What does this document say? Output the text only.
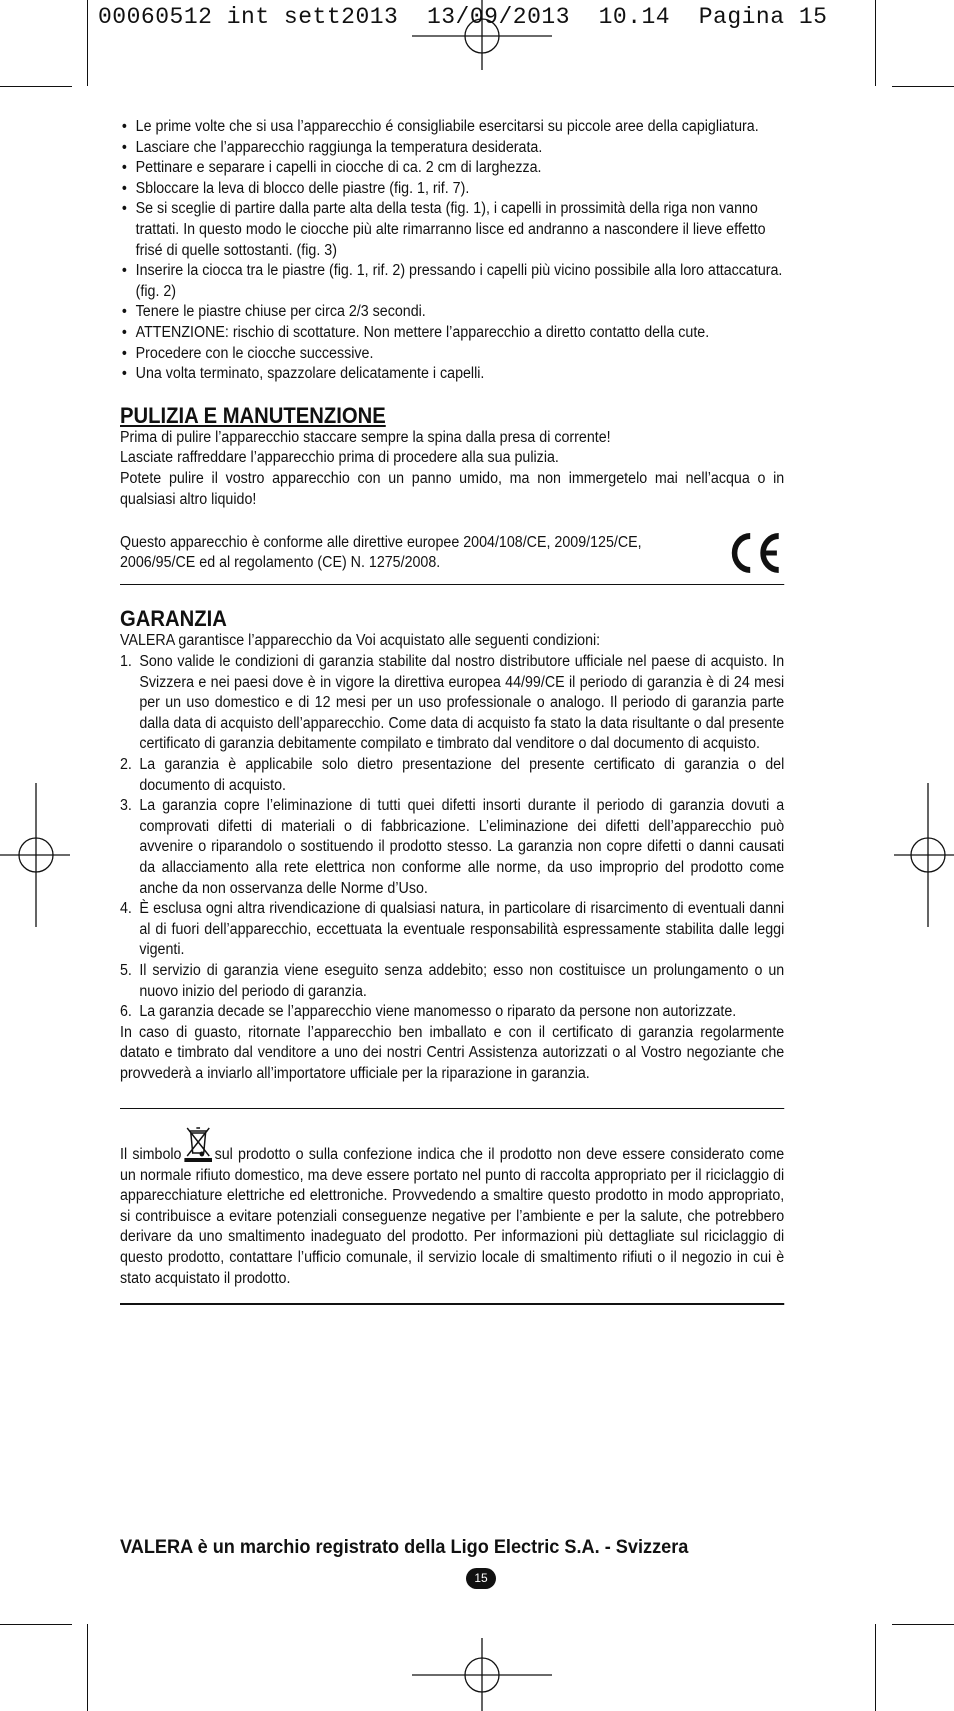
00060512 int sett2013  13/09/2013  10.14  Pagina 15
• Le prime volte che si usa l’apparecchio é consigliabile esercitarsi su piccole aree della capigliatura.
• Lasciare che l’apparecchio raggiunga la temperatura desiderata.
• Pettinare e separare i capelli in ciocche di ca. 2 cm di larghezza.
• Sbloccare la leva di blocco delle piastre (fig. 1, rif. 7).
• Se si sceglie di partire dalla parte alta della testa (fig. 1), i capelli in prossimità della riga non vanno trattati. In questo modo le ciocche più alte rimarranno lisce ed andranno a nascondere il lieve effetto frisé di quelle sottostanti. (fig. 3)
• Inserire la ciocca tra le piastre (fig. 1, rif. 2) pressando i capelli più vicino possibile alla loro attaccatura. (fig. 2)
• Tenere le piastre chiuse per circa 2/3 secondi.
• ATTENZIONE: rischio di scottature. Non mettere l’apparecchio a diretto contatto della cute.
• Procedere con le ciocche successive.
• Una volta terminato, spazzolare delicatamente i capelli.
PULIZIA E MANUTENZIONE

Prima di pulire l’apparecchio staccare sempre la spina dalla presa di corrente!

Lasciate raffreddare l’apparecchio prima di procedere alla sua pulizia.

Potete pulire il vostro apparecchio con un panno umido, ma non immergetelo mai nell’acqua o in qualsiasi altro liquido!

Questo apparecchio è conforme alle direttive europee 2004/108/CE, 2009/125/CE,
2006/95/CE ed al regolamento (CE) N. 1275/2008.
GARANZIA

VALERA garantisce l’apparecchio da Voi acquistato alle seguenti condizioni:

1. Sono valide le condizioni di garanzia stabilite dal nostro distributore ufficiale nel paese di acquisto. In Svizzera e nei paesi dove è in vigore la direttiva europea 44/99/CE il periodo di garanzia è di 24 mesi per un uso domestico e di 12 mesi per un uso professionale o analogo. Il periodo di garanzia parte dalla data di acquisto dell’apparecchio. Come data di acquisto fa stato la data risultante o dal presente certificato di garanzia debitamente compilato e timbrato dal venditore o dal documento di acquisto.
2. La garanzia è applicabile solo dietro presentazione del presente certificato di garanzia o del documento di acquisto.
3. La garanzia copre l’eliminazione di tutti quei difetti insorti durante il periodo di garanzia dovuti a comprovati difetti di materiali o di fabbricazione. L’eliminazione dei difetti dell’apparecchio può avvenire o riparandolo o sostituendo il prodotto stesso. La garanzia non copre difetti o danni causati da allacciamento alla rete elettrica non conforme alle norme, da uso improprio del prodotto come anche da non osservanza delle Norme d’Uso.
4. È esclusa ogni altra rivendicazione di qualsiasi natura, in particolare di risarcimento di eventuali danni al di fuori dell’apparecchio, eccettuata la eventuale responsabilità espressamente stabilita dalle leggi vigenti.
5. Il servizio di garanzia viene eseguito senza addebito; esso non costituisce un prolungamento o un nuovo inizio del periodo di garanzia.
6. La garanzia decade se l’apparecchio viene manomesso o riparato da persone non autorizzate.

In caso di guasto, ritornate l’apparecchio ben imballato e con il certificato di garanzia regolarmente datato e timbrato dal venditore a uno dei nostri Centri Assistenza autorizzati o al Vostro negoziante che provvederà a inviarlo all’importatore ufficiale per la riparazione in garanzia.

Il simbolo sul prodotto o sulla confezione indica che il prodotto non deve essere considerato come un normale rifiuto domestico, ma deve essere portato nel punto di raccolta appropriato per il riciclaggio di apparecchiature elettriche ed elettroniche. Provvedendo a smaltire questo prodotto in modo appropriato, si contribuisce a evitare potenziali conseguenze negative per l’ambiente e per la salute, che potrebbero derivare da uno smaltimento inadeguato del prodotto. Per informazioni più dettagliate sul riciclaggio di questo prodotto, contattare l’ufficio comunale, il servizio locale di smaltimento rifiuti o il negozio in cui è stato acquistato il prodotto.

VALERA è un marchio registrato della Ligo Electric S.A. - Svizzera
15
